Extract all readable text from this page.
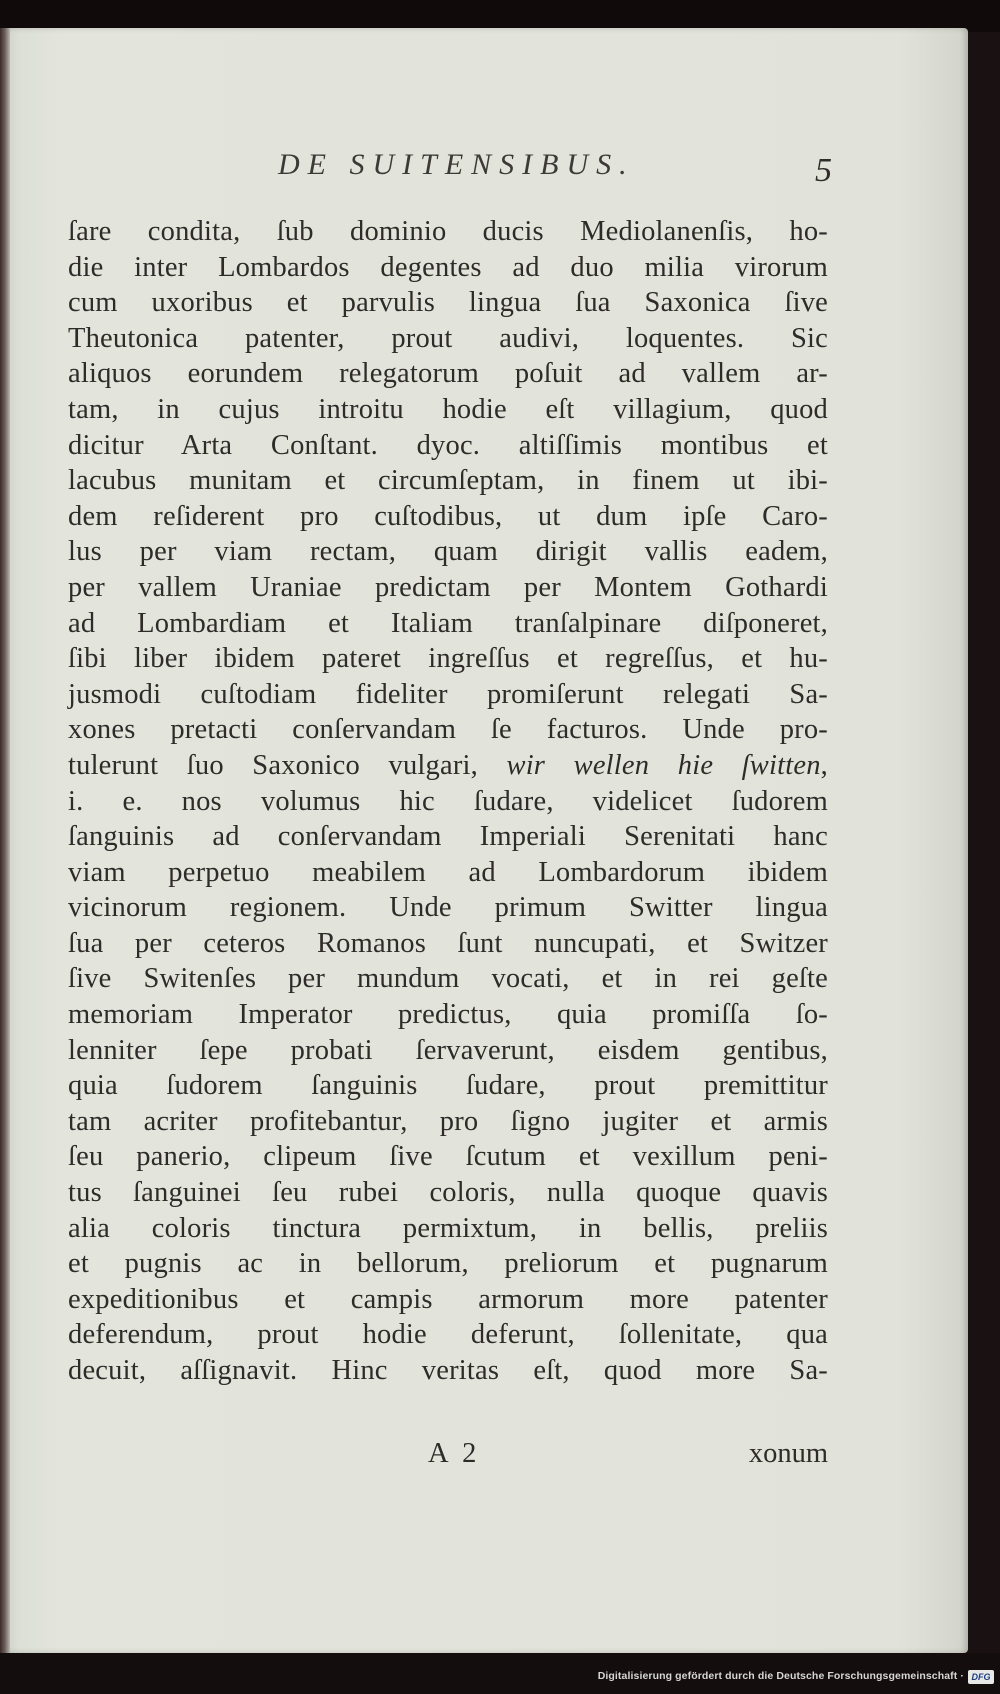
DE SUITENSIBUS.	5
ſare condita, ſub dominio ducis Mediolanenſis, ho-
die inter Lombardos degentes ad duo milia virorum
cum uxoribus et parvulis lingua ſua Saxonica ſive
Theutonica patenter, prout audivi, loquentes. Sic
aliquos eorundem relegatorum poſuit ad vallem ar-
tam, in cujus introitu hodie eſt villagium, quod
dicitur Arta Conſtant. dyoc. altiſſimis montibus et
lacubus munitam et circumſeptam, in finem ut ibi-
dem reſiderent pro cuſtodibus, ut dum ipſe Caro-
lus per viam rectam, quam dirigit vallis eadem,
per vallem Uraniae predictam per Montem Gothardi
ad Lombardiam et Italiam tranſalpinare diſponeret,
ſibi liber ibidem pateret ingreſſus et regreſſus, et hu-
jusmodi cuſtodiam fideliter promiſerunt relegati Sa-
xones pretacti conſervandam ſe facturos. Unde pro-
tulerunt ſuo Saxonico vulgari, wir wellen hie ſwitten,
i. e. nos volumus hic ſudare, videlicet ſudorem
ſanguinis ad conſervandam Imperiali Serenitati hanc
viam perpetuo meabilem ad Lombardorum ibidem
vicinorum regionem. Unde primum Switter lingua
ſua per ceteros Romanos ſunt nuncupati, et Switzer
ſive Switenſes per mundum vocati, et in rei geſte
memoriam Imperator predictus, quia promiſſa ſo-
lenniter ſepe probati ſervaverunt, eisdem gentibus,
quia ſudorem ſanguinis ſudare, prout premittitur
tam acriter profitebantur, pro ſigno jugiter et armis
ſeu panerio, clipeum ſive ſcutum et vexillum peni-
tus ſanguinei ſeu rubei coloris, nulla quoque quavis
alia coloris tinctura permixtum, in bellis, preliis
et pugnis ac in bellorum, preliorum et pugnarum
expeditionibus et campis armorum more patenter
deferendum, prout hodie deferunt, ſollenitate, qua
decuit, aſſignavit. Hinc veritas eſt, quod more Sa-
A 2	xonum
Digitalisierung gefördert durch die Deutsche Forschungsgemeinschaft · DFG
